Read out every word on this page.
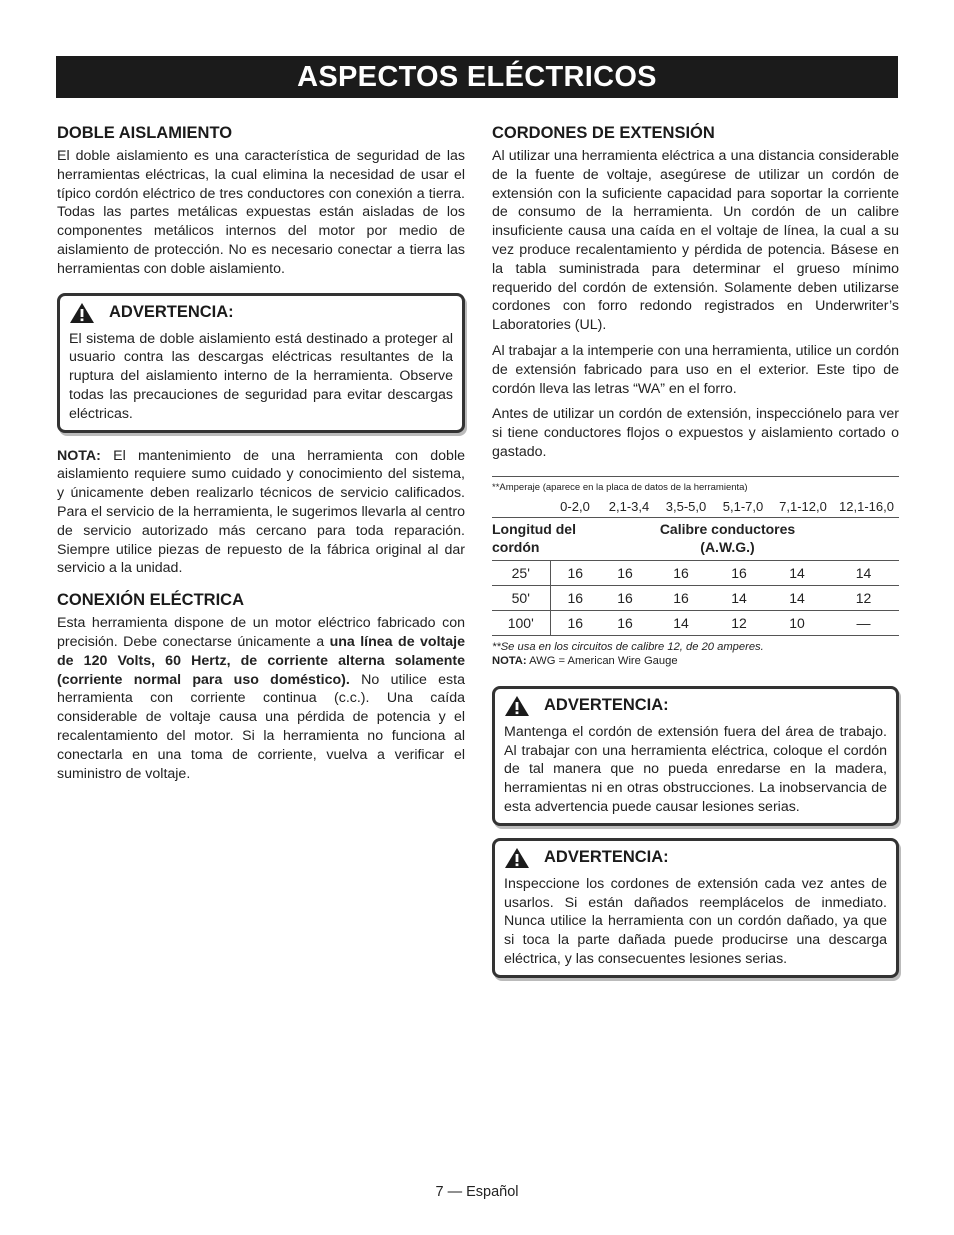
ASPECTOS ELÉCTRICOS
DOBLE AISLAMIENTO

El doble aislamiento es una característica de seguridad de las herramientas eléctricas, la cual elimina la necesidad de usar el típico cordón eléctrico de tres conductores con conexión a tierra. Todas las partes metálicas expuestas están aisladas de los componentes metálicos internos del motor por medio de aislamiento de protección. No es necesario conectar a tierra las herramientas con doble aislamiento.

ADVERTENCIA:

El sistema de doble aislamiento está destinado a proteger al usuario contra las descargas eléctricas resultantes de la ruptura del aislamiento interno de la herramienta. Observe todas las precauciones de seguridad para evitar descargas eléctricas.

NOTA: El mantenimiento de una herramienta con doble aislamiento requiere sumo cuidado y conocimiento del sistema, y únicamente deben realizarlo técnicos de servicio calificados. Para el servicio de la herramienta, le sugerimos llevarla al centro de servicio autorizado más cercano para toda reparación. Siempre utilice piezas de repuesto de la fábrica original al dar servicio a la unidad.

CONEXIÓN ELÉCTRICA

Esta herramienta dispone de un motor eléctrico fabricado con precisión. Debe conectarse únicamente a una línea de voltaje de 120 Volts, 60 Hertz, de corriente alterna solamente (corriente normal para uso doméstico). No utilice esta herramienta con corriente continua (c.c.). Una caída considerable de voltaje causa una pérdida de potencia y el recalentamiento del motor. Si la herramienta no funciona al conectarla en una toma de corriente, vuelva a verificar el suministro de voltaje.

CORDONES DE EXTENSIÓN

Al utilizar una herramienta eléctrica a una distancia considerable de la fuente de voltaje, asegúrese de utilizar un cordón de extensión con la suficiente capacidad para soportar la corriente de consumo de la herramienta. Un cordón de un calibre insuficiente causa una caída en el voltaje de línea, la cual a su vez produce recalentamiento y pérdida de potencia. Básese en la tabla suministrada para determinar el grueso mínimo requerido del cordón de extensión. Solamente deben utilizarse cordones con forro redondo registrados en Underwriter’s Laboratories (UL).

Al trabajar a la intemperie con una herramienta, utilice un cordón de extensión fabricado para uso en el exterior. Este tipo de cordón lleva las letras “WA” en el forro.

Antes de utilizar un cordón de extensión, inspecciónelo para ver si tiene conductores flojos o expuestos y aislamiento cortado o gastado.

**Amperaje (aparece en la placa de datos de la herramienta)
0-2,0	2,1-3,4	3,5-5,0	5,1-7,0	7,1-12,0 12,1-16,0
Longitud del cordón		Calibre conductores (A.W.G.)				
25'	16	16	16	16	14	14
50'	16	16	16	14	14	12
100'	16	16	14	12	10	—
**Se usa en los circuitos de calibre 12, de 20 amperes.
NOTA: AWG = American Wire Gauge
ADVERTENCIA:

Mantenga el cordón de extensión fuera del área de trabajo. Al trabajar con una herramienta eléctrica, coloque el cordón de tal manera que no pueda enredarse en la madera, herramientas ni en otras obstrucciones. La inobservancia de esta advertencia puede causar lesiones serias.

ADVERTENCIA:

Inspeccione los cordones de extensión cada vez antes de usarlos. Si están dañados reemplácelos de inmediato. Nunca utilice la herramienta con un cordón dañado, ya que si toca la parte dañada puede producirse una descarga eléctrica, y las consecuentes lesiones serias.

7 — Español
